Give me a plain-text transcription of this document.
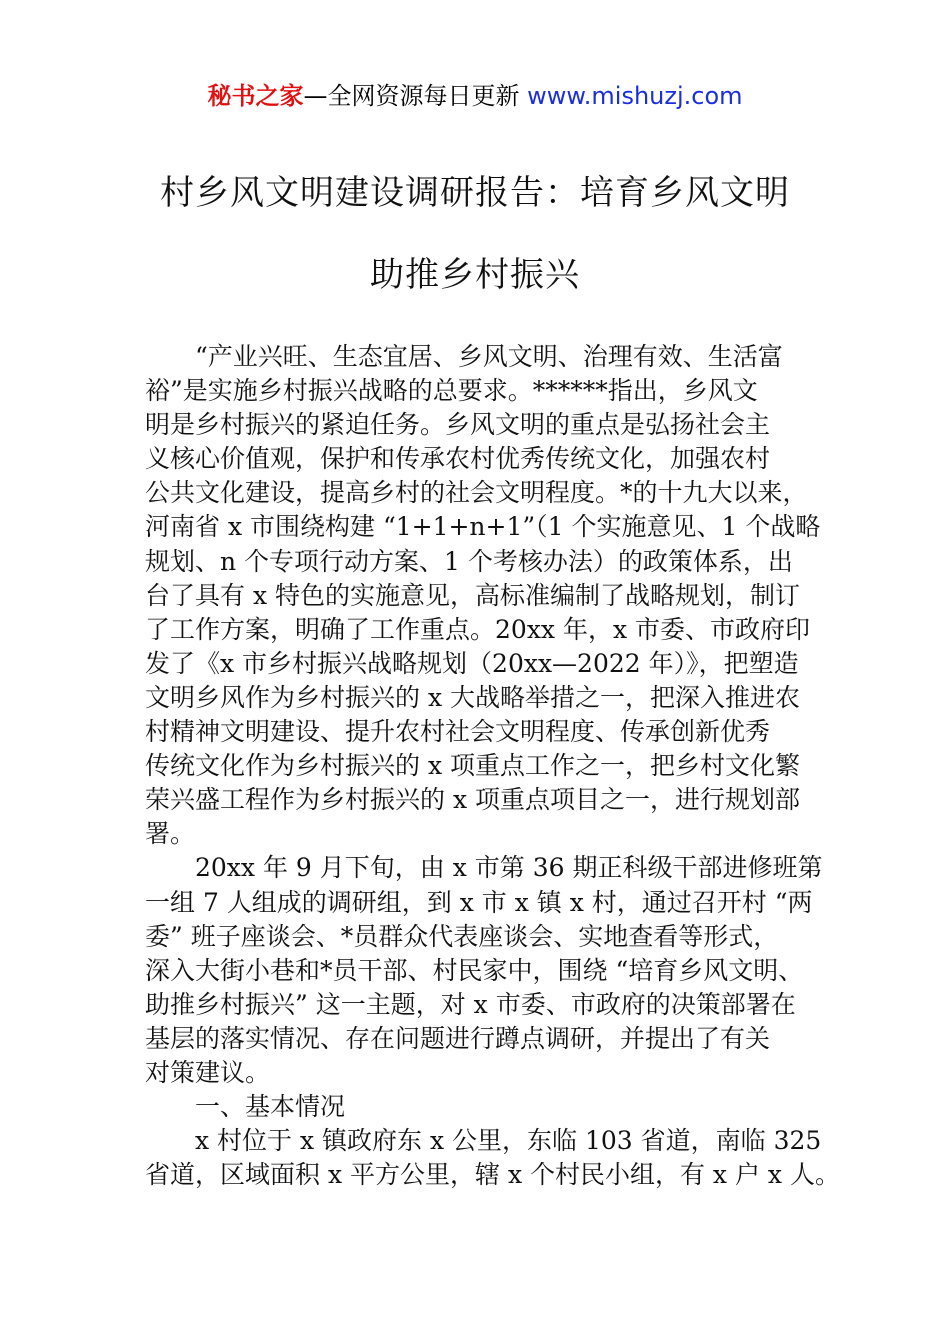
秘书之家—全网资源每日更新 www.mishuzj.com
村乡风文明建设调研报告：培育乡风文明
助推乡村振兴
“产业兴旺、生态宜居、乡风文明、治理有效、生活富
裕”是实施乡村振兴战略的总要求。******指出，乡风文
明是乡村振兴的紧迫任务。乡风文明的重点是弘扬社会主
义核心价值观，保护和传承农村优秀传统文化，加强农村
公共文化建设，提高乡村的社会文明程度。*的十九大以来，
河南省 x 市围绕构建 “1+1+n+1”（1 个实施意见、1 个战略
规划、n 个专项行动方案、1 个考核办法）的政策体系，出
台了具有 x 特色的实施意见，高标准编制了战略规划，制订
了工作方案，明确了工作重点。20xx 年，x 市委、市政府印
发了《x 市乡村振兴战略规划（20xx—2022 年）》，把塑造
文明乡风作为乡村振兴的 x 大战略举措之一，把深入推进农
村精神文明建设、提升农村社会文明程度、传承创新优秀
传统文化作为乡村振兴的 x 项重点工作之一，把乡村文化繁
荣兴盛工程作为乡村振兴的 x 项重点项目之一，进行规划部
署。
20xx 年 9 月下旬，由 x 市第 36 期正科级干部进修班第
一组 7 人组成的调研组，到 x 市 x 镇 x 村，通过召开村 “两
委” 班子座谈会、*员群众代表座谈会、实地查看等形式，
深入大街小巷和*员干部、村民家中，围绕 “培育乡风文明、
助推乡村振兴” 这一主题，对 x 市委、市政府的决策部署在
基层的落实情况、存在问题进行蹲点调研，并提出了有关
对策建议。
一、基本情况
x 村位于 x 镇政府东 x 公里，东临 103 省道，南临 325
省道，区域面积 x 平方公里，辖 x 个村民小组，有 x 户 x 人。
